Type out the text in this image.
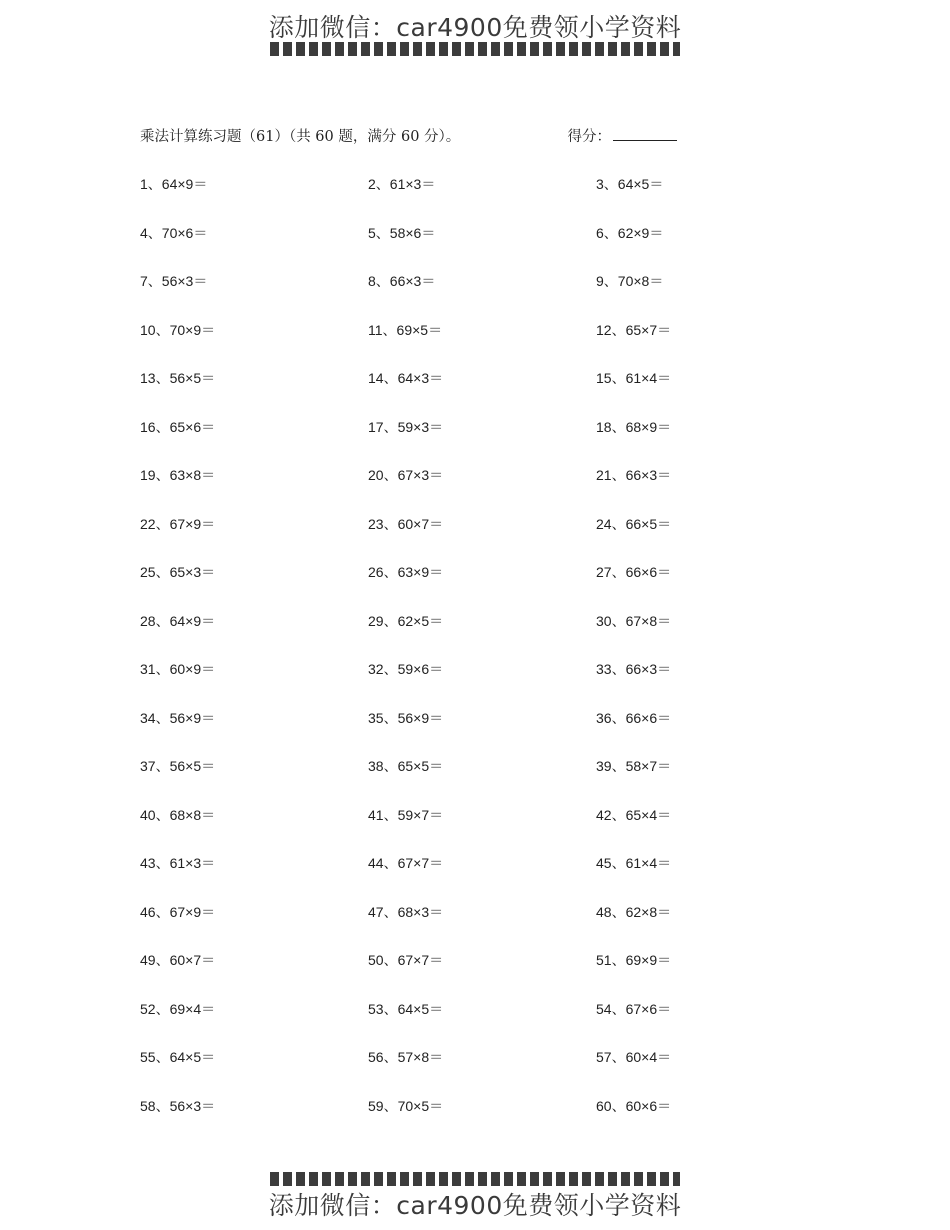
添加微信：car4900免费领小学资料
乘法计算练习题（61）（共 60 题，满分 60 分）。	得分：
1、64×9＝	2、61×3＝	3、64×5＝
4、70×6＝	5、58×6＝	6、62×9＝
7、56×3＝	8、66×3＝	9、70×8＝
10、70×9＝	11、69×5＝	12、65×7＝
13、56×5＝	14、64×3＝	15、61×4＝
16、65×6＝	17、59×3＝	18、68×9＝
19、63×8＝	20、67×3＝	21、66×3＝
22、67×9＝	23、60×7＝	24、66×5＝
25、65×3＝	26、63×9＝	27、66×6＝
28、64×9＝	29、62×5＝	30、67×8＝
31、60×9＝	32、59×6＝	33、66×3＝
34、56×9＝	35、56×9＝	36、66×6＝
37、56×5＝	38、65×5＝	39、58×7＝
40、68×8＝	41、59×7＝	42、65×4＝
43、61×3＝	44、67×7＝	45、61×4＝
46、67×9＝	47、68×3＝	48、62×8＝
49、60×7＝	50、67×7＝	51、69×9＝
52、69×4＝	53、64×5＝	54、67×6＝
55、64×5＝	56、57×8＝	57、60×4＝
58、56×3＝	59、70×5＝	60、60×6＝
添加微信：car4900免费领小学资料
